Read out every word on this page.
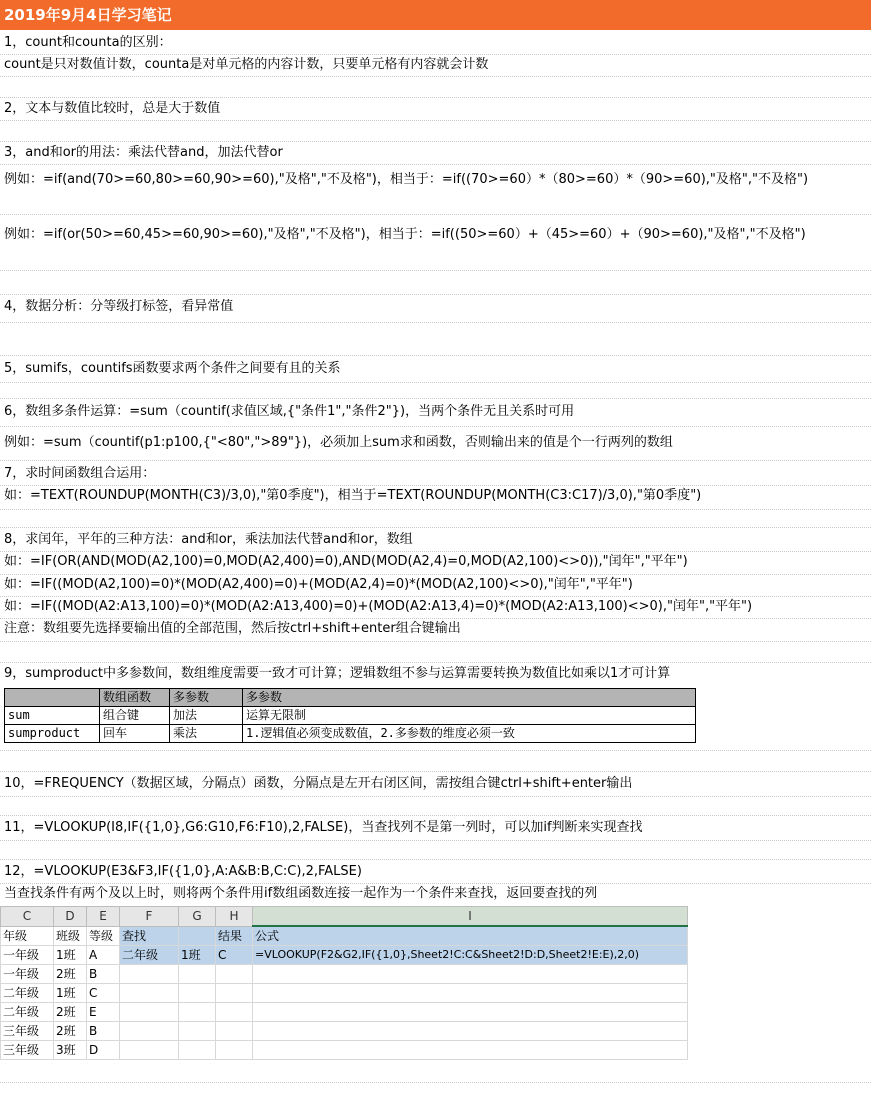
2019年9月4日学习笔记
1，count和counta的区别：
count是只对数值计数，counta是对单元格的内容计数，只要单元格有内容就会计数
2，文本与数值比较时，总是大于数值
3，and和or的用法：乘法代替and，加法代替or
例如：=if(and(70>=60,80>=60,90>=60),"及格","不及格")，相当于：=if((70>=60）*（80>=60）*（90>=60),"及格","不及格")
例如：=if(or(50>=60,45>=60,90>=60),"及格","不及格")，相当于：=if((50>=60）+（45>=60）+（90>=60),"及格","不及格")
4，数据分析：分等级打标签，看异常值
5，sumifs，countifs函数要求两个条件之间要有且的关系
6，数组多条件运算：=sum（countif(求值区域,{"条件1","条件2"})，当两个条件无且关系时可用
例如：=sum（countif(p1:p100,{"<80",">89"})，必须加上sum求和函数，否则输出来的值是个一行两列的数组
7，求时间函数组合运用：
如：=TEXT(ROUNDUP(MONTH(C3)/3,0),"第0季度")，相当于=TEXT(ROUNDUP(MONTH(C3:C17)/3,0),"第0季度")
8，求闰年，平年的三种方法：and和or，乘法加法代替and和or，数组
如：=IF(OR(AND(MOD(A2,100)=0,MOD(A2,400)=0),AND(MOD(A2,4)=0,MOD(A2,100)<>0)),"闰年","平年")
如：=IF((MOD(A2,100)=0)*(MOD(A2,400)=0)+(MOD(A2,4)=0)*(MOD(A2,100)<>0),"闰年","平年")
如：=IF((MOD(A2:A13,100)=0)*(MOD(A2:A13,400)=0)+(MOD(A2:A13,4)=0)*(MOD(A2:A13,100)<>0),"闰年","平年")
注意：数组要先选择要输出值的全部范围，然后按ctrl+shift+enter组合键输出
9，sumproduct中多参数间，数组维度需要一致才可计算；逻辑数组不参与运算需要转换为数值比如乘以1才可计算
	数组函数	多参数	多参数
sum	组合键	加法	运算无限制
sumproduct	回车	乘法	1.逻辑值必须变成数值，2.多参数的维度必须一致
10，=FREQUENCY（数据区域，分隔点）函数，分隔点是左开右闭区间，需按组合键ctrl+shift+enter输出
11，=VLOOKUP(I8,IF({1,0},G6:G10,F6:F10),2,FALSE)，当查找列不是第一列时，可以加if判断来实现查找
12，=VLOOKUP(E3&F3,IF({1,0},A:A&B:B,C:C),2,FALSE)
当查找条件有两个及以上时，则将两个条件用if数组函数连接一起作为一个条件来查找，返回要查找的列
C	D	E	F	G	H	I
年级	班级	等级	查找		结果	公式
一年级	1班	A	二年级	1班	C	=VLOOKUP(F2&G2,IF({1,0},Sheet2!C:C&Sheet2!D:D,Sheet2!E:E),2,0)
一年级	2班	B				
二年级	1班	C				
二年级	2班	E				
三年级	2班	B				
三年级	3班	D				
